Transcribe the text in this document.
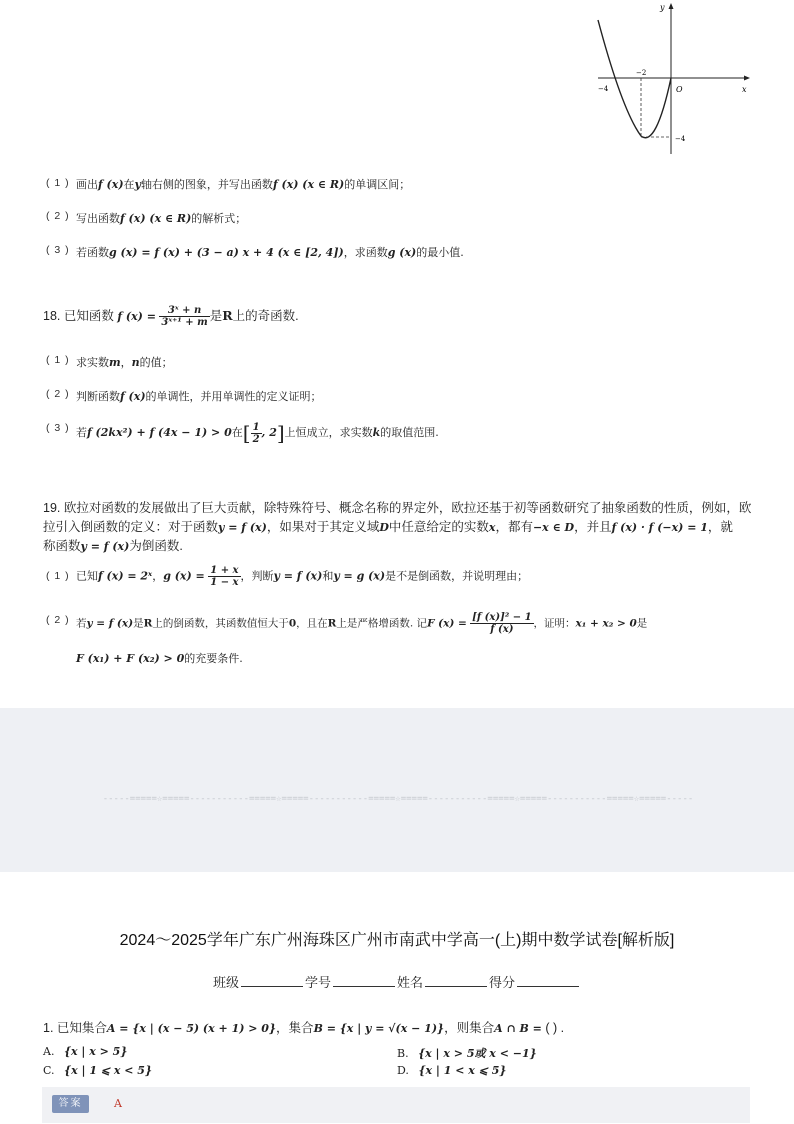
y
x
O
−4
−2
−4
( 1 ) 画出f (x)在y轴右侧的图象，并写出函数f (x) (x ∈ R)的单调区间；
( 2 ) 写出函数f (x) (x ∈ R)的解析式；
( 3 ) 若函数g (x) = f (x) + (3 − a) x + 4 (x ∈ [2, 4])，求函数g (x)的最小值.
18. 已知函数 f $(x) = \frac{\text{3ˣ + n}}{\text{3ˣ⁺¹ + m}}$ 是R上的奇函数.
( 1 ) 求实数m，n的值；
( 2 ) 判断函数f (x)的单调性，并用单调性的定义证明；
( 3 ) 若f (2kx²) + f (4x − 1) > 0在[ $\frac{1}{2}$ , 2]上恒成立，求实数k的取值范围.
19. 欧拉对函数的发展做出了巨大贡献，除特殊符号、概念名称的界定外，欧拉还基于初等函数研究了抽象函数的性质，例如，欧
拉引入倒函数的定义：对于函数y = f (x)，如果对于其定义域D中任意给定的实数x，都有−x ∈ D，并且f (x) · f (−x) = 1，就
称函数y = f (x)为倒函数.
( 1 ) 已知f (x) = 2ˣ，g $(x) = \frac{1 + x}{1 - x}$ ，判断y = f (x)和y = g (x)是不是倒函数，并说明理由；
( 2 ) 若y = f (x)是R上的倒函数，其函数值恒大于0，且在R上是严格增函数. 记F $(x) = \frac{\text{[f (x)]² − 1}}{f (x)}$ ，证明：x₁ + x₂ > 0是
F (x₁) + F (x₂) > 0的充要条件.
-----=====☆=====-----------=====☆=====-----------=====☆=====-----------=====☆=====-----------=====☆=====-----
2024～2025学年广东广州海珠区广州市南武中学高一(上)期中数学试卷[解析版]
班级	学号	姓名	得分
1. 已知集合A = {x | (x − 5) (x + 1) > 0}，集合B = {x | y = √(x − 1)}，则集合A ∩ B = ( ) .
A. {x | x > 5}	B. {x | x > 5或 x < −1}
C. {x | 1 ⩽ x < 5}	D. {x | 1 < x ⩽ 5}
答案	A
